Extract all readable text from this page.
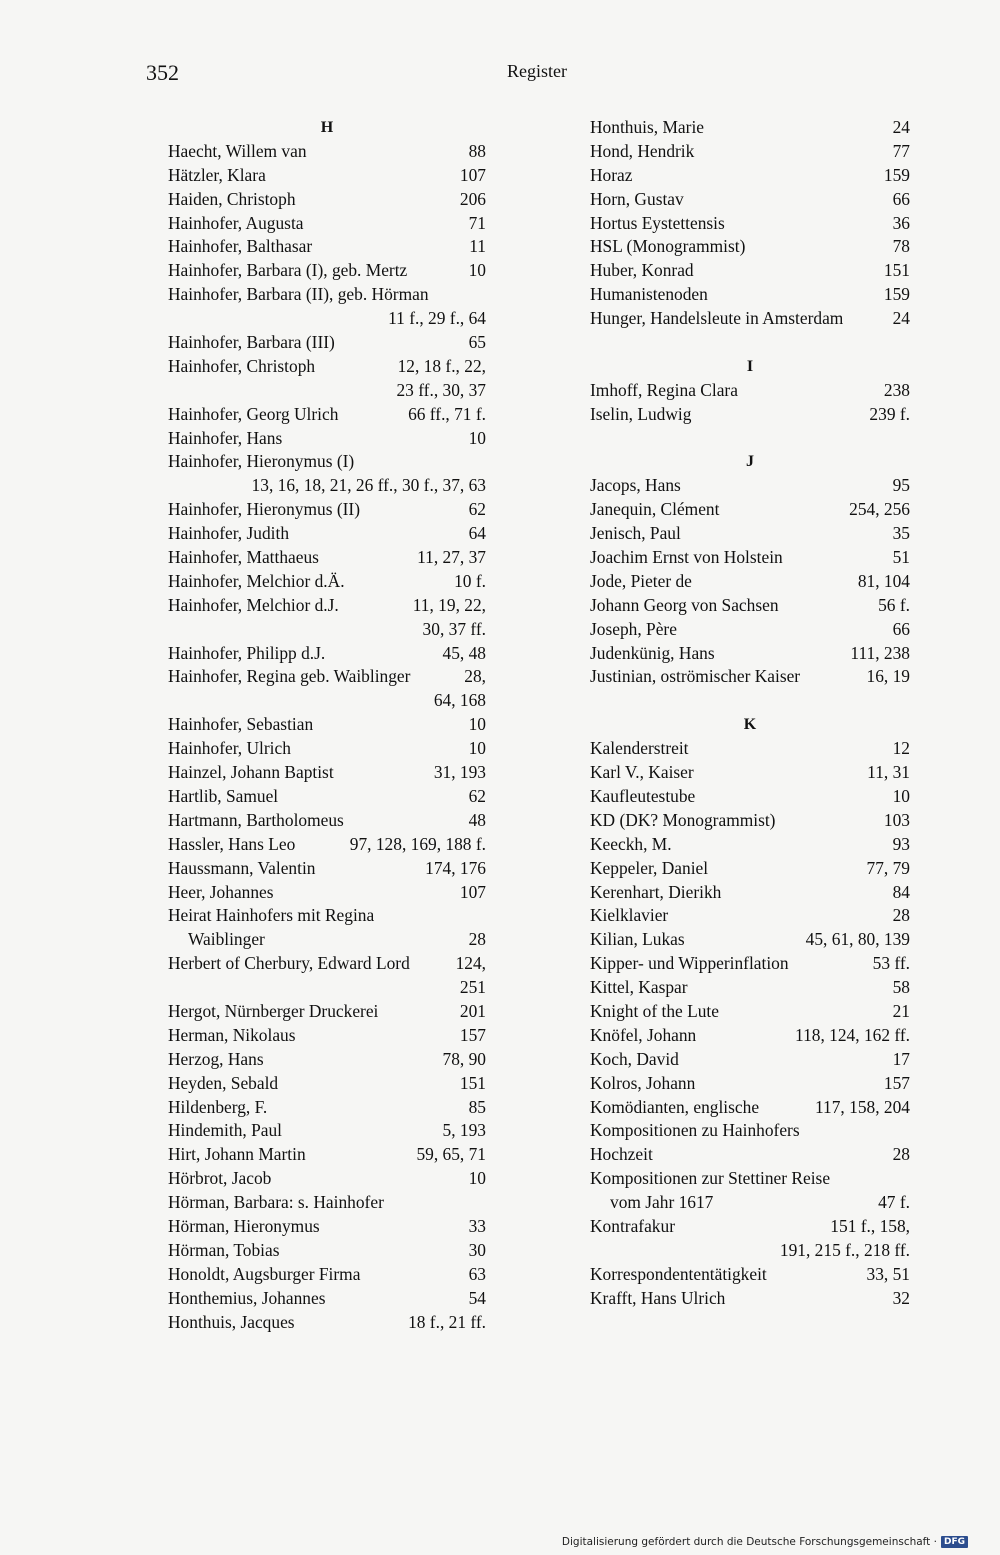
352	Register
H
Haecht, Willem van	88
Hätzler, Klara	107
Haiden, Christoph	206
Hainhofer, Augusta	71
Hainhofer, Balthasar	11
Hainhofer, Barbara (I), geb. Mertz	10
Hainhofer, Barbara (II), geb. Hörman
11 f., 29 f., 64
Hainhofer, Barbara (III)	65
Hainhofer, Christoph	12, 18 f., 22,
23 ff., 30, 37
Hainhofer, Georg Ulrich	66 ff., 71 f.
Hainhofer, Hans	10
Hainhofer, Hieronymus (I)
13, 16, 18, 21, 26 ff., 30 f., 37, 63
Hainhofer, Hieronymus (II)	62
Hainhofer, Judith	64
Hainhofer, Matthaeus	11, 27, 37
Hainhofer, Melchior d.Ä.	10 f.
Hainhofer, Melchior d.J.	11, 19, 22,
30, 37 ff.
Hainhofer, Philipp d.J.	45, 48
Hainhofer, Regina geb. Waiblinger	28,
64, 168
Hainhofer, Sebastian	10
Hainhofer, Ulrich	10
Hainzel, Johann Baptist	31, 193
Hartlib, Samuel	62
Hartmann, Bartholomeus	48
Hassler, Hans Leo	97, 128, 169, 188 f.
Haussmann, Valentin	174, 176
Heer, Johannes	107
Heirat Hainhofers mit Regina
Waiblinger	28
Herbert of Cherbury, Edward Lord	124,
251
Hergot, Nürnberger Druckerei	201
Herman, Nikolaus	157
Herzog, Hans	78, 90
Heyden, Sebald	151
Hildenberg, F.	85
Hindemith, Paul	5, 193
Hirt, Johann Martin	59, 65, 71
Hörbrot, Jacob	10
Hörman, Barbara: s. Hainhofer
Hörman, Hieronymus	33
Hörman, Tobias	30
Honoldt, Augsburger Firma	63
Honthemius, Johannes	54
Honthuis, Jacques	18 f., 21 ff.
Honthuis, Marie	24
Hond, Hendrik	77
Horaz	159
Horn, Gustav	66
Hortus Eystettensis	36
HSL (Monogrammist)	78
Huber, Konrad	151
Humanistenoden	159
Hunger, Handelsleute in Amsterdam	24
I
Imhoff, Regina Clara	238
Iselin, Ludwig	239 f.
J
Jacops, Hans	95
Janequin, Clément	254, 256
Jenisch, Paul	35
Joachim Ernst von Holstein	51
Jode, Pieter de	81, 104
Johann Georg von Sachsen	56 f.
Joseph, Père	66
Judenkünig, Hans	111, 238
Justinian, oströmischer Kaiser	16, 19
K
Kalenderstreit	12
Karl V., Kaiser	11, 31
Kaufleutestube	10
KD (DK? Monogrammist)	103
Keeckh, M.	93
Keppeler, Daniel	77, 79
Kerenhart, Dierikh	84
Kielklavier	28
Kilian, Lukas	45, 61, 80, 139
Kipper- und Wipperinflation	53 ff.
Kittel, Kaspar	58
Knight of the Lute	21
Knöfel, Johann	118, 124, 162 ff.
Koch, David	17
Kolros, Johann	157
Komödianten, englische	117, 158, 204
Kompositionen zu Hainhofers
Hochzeit	28
Kompositionen zur Stettiner Reise
vom Jahr 1617	47 f.
Kontrafakur	151 f., 158,
191, 215 f., 218 ff.
Korrespondententätigkeit	33, 51
Krafft, Hans Ulrich	32
Digitalisierung gefördert durch die Deutsche Forschungsgemeinschaft · DFG
